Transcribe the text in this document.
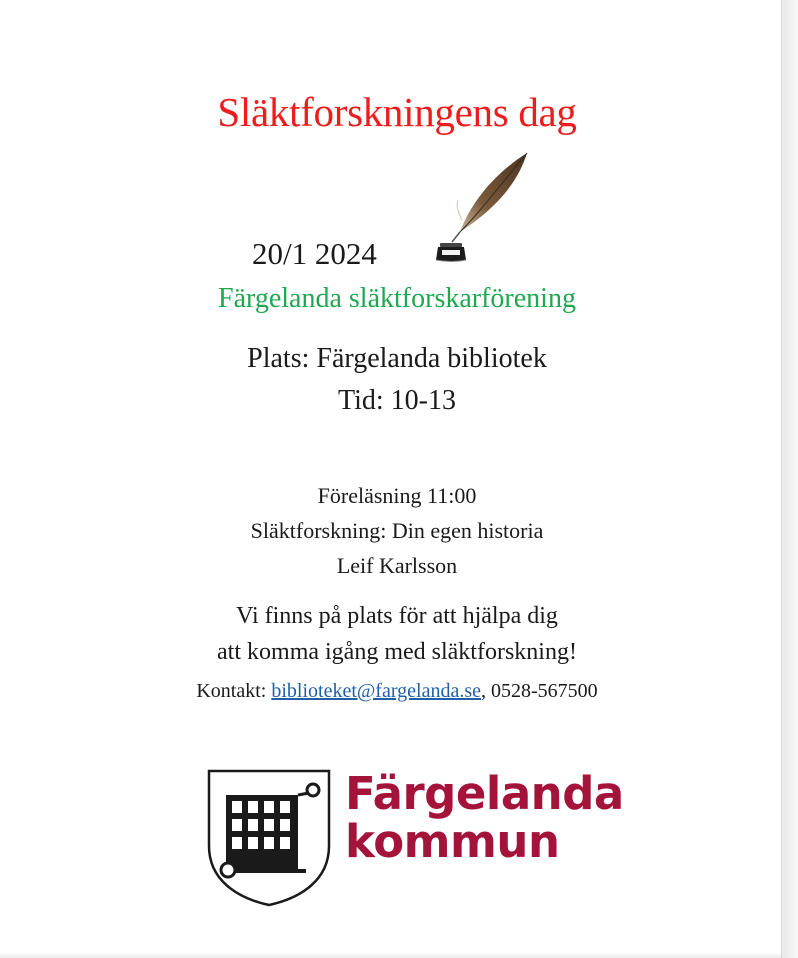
Släktforskningens dag
20/1 2024
Färgelanda släktforskarförening
Plats: Färgelanda bibliotek
Tid: 10-13
Föreläsning 11:00
Släktforskning: Din egen historia
Leif Karlsson
Vi finns på plats för att hjälpa dig
att komma igång med släktforskning!
Kontakt: biblioteket@fargelanda.se, 0528-567500
Färgelanda
kommun
